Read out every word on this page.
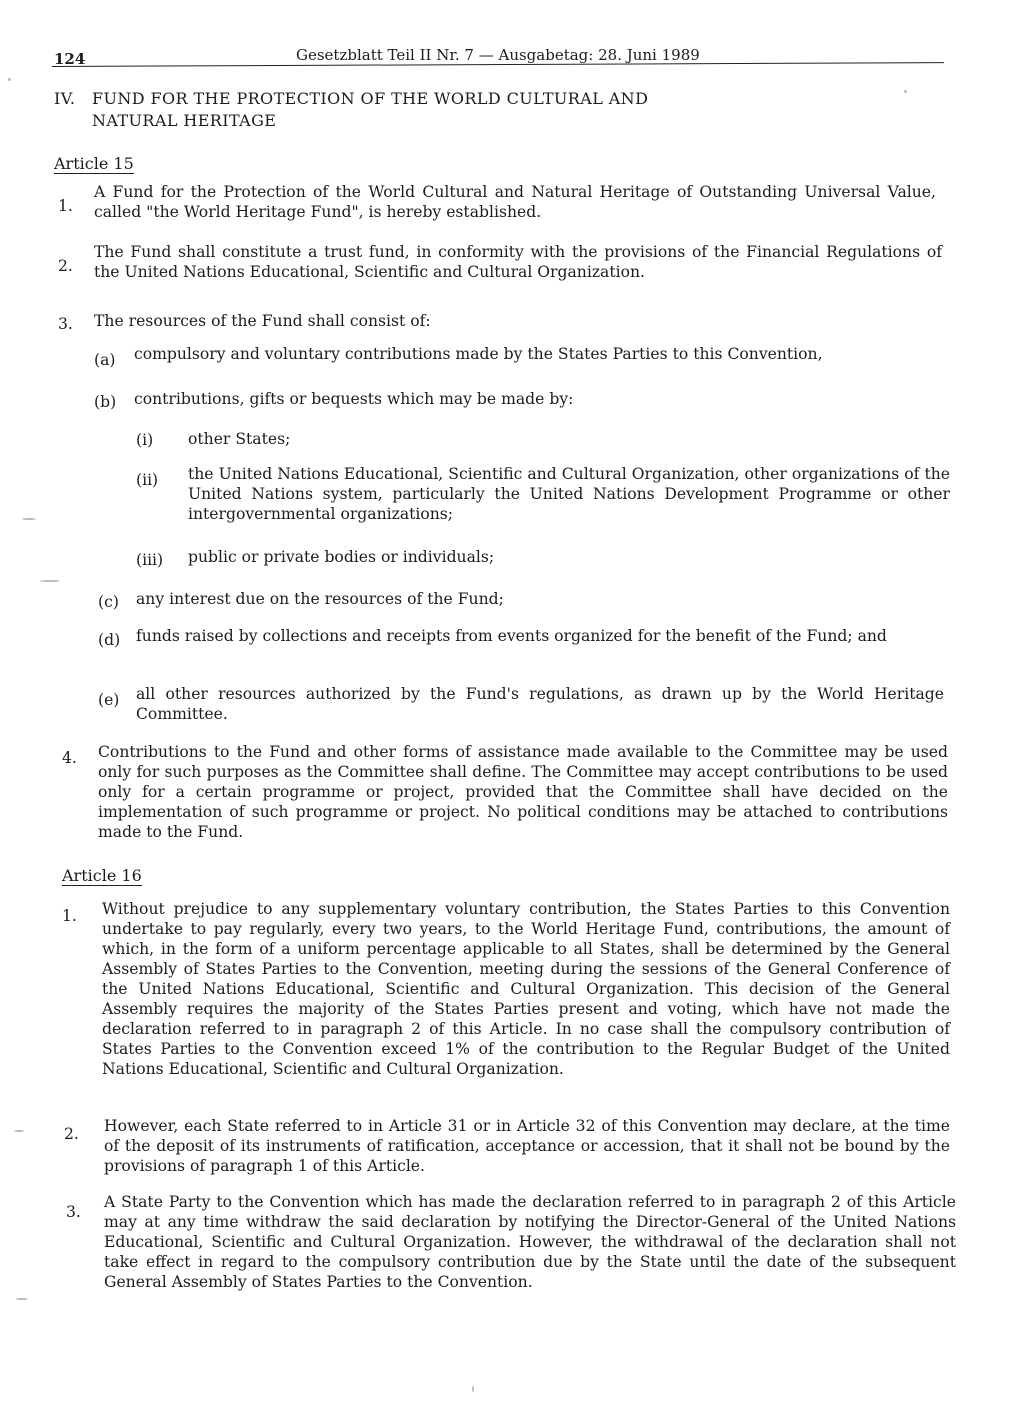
124	Gesetzblatt Teil II Nr. 7 — Ausgabetag: 28. Juni 1989
IV. FUND FOR THE PROTECTION OF THE WORLD CULTURAL AND NATURAL HERITAGE
Article 15
1.
A Fund for the Protection of the World Cultural and Natural Heritage of Outstanding Universal Value, called "the World Heritage Fund", is hereby established.
2.
The Fund shall constitute a trust fund, in conformity with the provisions of the Financial Regulations of the United Nations Educational, Scientific and Cultural Organization.
3. The resources of the Fund shall consist of:
(a) compulsory and voluntary contributions made by the States Parties to this Convention,
(b) contributions, gifts or bequests which may be made by:
(i) other States;
(ii) the United Nations Educational, Scientific and Cultural Organization, other organizations of the United Nations system, particularly the United Nations Development Programme or other intergovernmental organizations;
(iii) public or private bodies or individuals;
(c) any interest due on the resources of the Fund;
(d) funds raised by collections and receipts from events organized for the benefit of the Fund; and
(e) all other resources authorized by the Fund's regulations, as drawn up by the World Heritage Committee.
4. Contributions to the Fund and other forms of assistance made available to the Committee may be used only for such purposes as the Committee shall define. The Committee may accept contributions to be used only for a certain programme or project, provided that the Committee shall have decided on the implementation of such programme or project. No political conditions may be attached to contributions made to the Fund.
Article 16
1. Without prejudice to any supplementary voluntary contribution, the States Parties to this Convention undertake to pay regularly, every two years, to the World Heritage Fund, contributions, the amount of which, in the form of a uniform percentage applicable to all States, shall be determined by the General Assembly of States Parties to the Convention, meeting during the sessions of the General Conference of the United Nations Educational, Scientific and Cultural Organization. This decision of the General Assembly requires the majority of the States Parties present and voting, which have not made the declaration referred to in paragraph 2 of this Article. In no case shall the compulsory contribution of States Parties to the Convention exceed 1% of the contribution to the Regular Budget of the United Nations Educational, Scientific and Cultural Organization.
2. However, each State referred to in Article 31 or in Article 32 of this Convention may declare, at the time of the deposit of its instruments of ratification, acceptance or accession, that it shall not be bound by the provisions of paragraph 1 of this Article.
3.
A State Party to the Convention which has made the declaration referred to in paragraph 2 of this Article may at any time withdraw the said declaration by notifying the Director-General of the United Nations Educational, Scientific and Cultural Organization. However, the withdrawal of the declaration shall not take effect in regard to the compulsory contribution due by the State until the date of the subsequent General Assembly of States Parties to the Convention.
